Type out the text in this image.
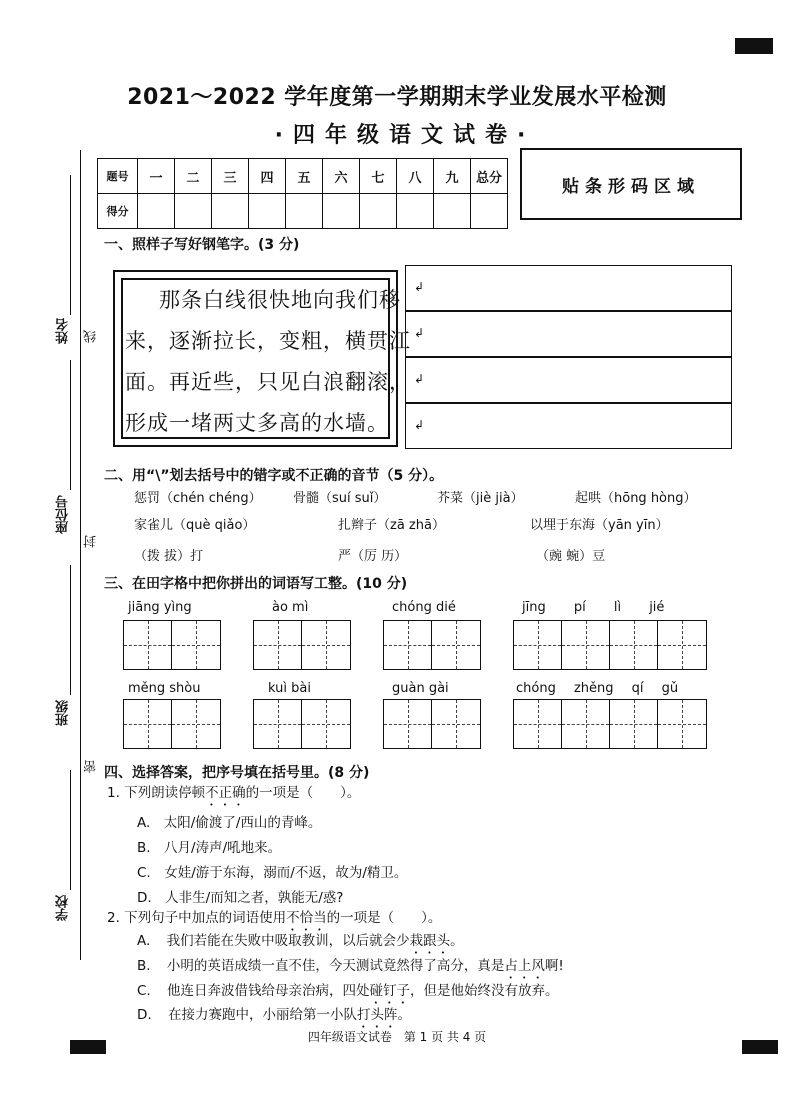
2021～2022 学年度第一学期期末学业发展水平检测
·四年级语文试卷·
题号	一	二	三	四	五	六	七	八	九	总分
得分										
贴条形码区域
姓名 线
座位号
封
班级
密
学校
一、照样子写好钢笔字。(3 分)
那条白线很快地向我们移
来，逐渐拉长，变粗，横贯江
面。再近些，只见白浪翻滚，
形成一堵两丈多高的水墙。
↲
↲
↲
↲
二、用“\”划去括号中的错字或不正确的音节（5 分）。
惩罚（chén chéng） 骨髓（suí suǐ）	芥菜（jiè jià）	起哄（hōng hòng）
家雀儿（què qiǎo）	扎辫子（zā zhā）	以埋于东海（yān yīn）
（拨 拔）打	严（厉 历）	（豌 蜿）豆
三、在田字格中把你拼出的词语写工整。(10 分)
jiāng yìng	ào mì	chóng dié	jīng pí lì jié
měng shòu	kuì bài	guàn gài	chóng zhěng qí gǔ
四、选择答案，把序号填在括号里。(8 分)
1. 下列朗读停顿不正确的一项是（　　）。
A.　太阳/偷渡了/西山的青峰。
B.　八月/涛声/吼地来。
C.　女娃/游于东海，溺而/不返，故为/精卫。
D.　人非生/而知之者，孰能无/惑?
2. 下列句子中加点的词语使用不恰当的一项是（　　）。
A. 我们若能在失败中吸取教训，以后就会少栽跟头。
B. 小明的英语成绩一直不佳，今天测试竟然得了高分，真是占上风啊!
C. 他连日奔波借钱给母亲治病，四处碰钉子，但是他始终没有放弃。
D. 在接力赛跑中，小丽给第一小队打头阵。
四年级语文试卷　第 1 页 共 4 页
